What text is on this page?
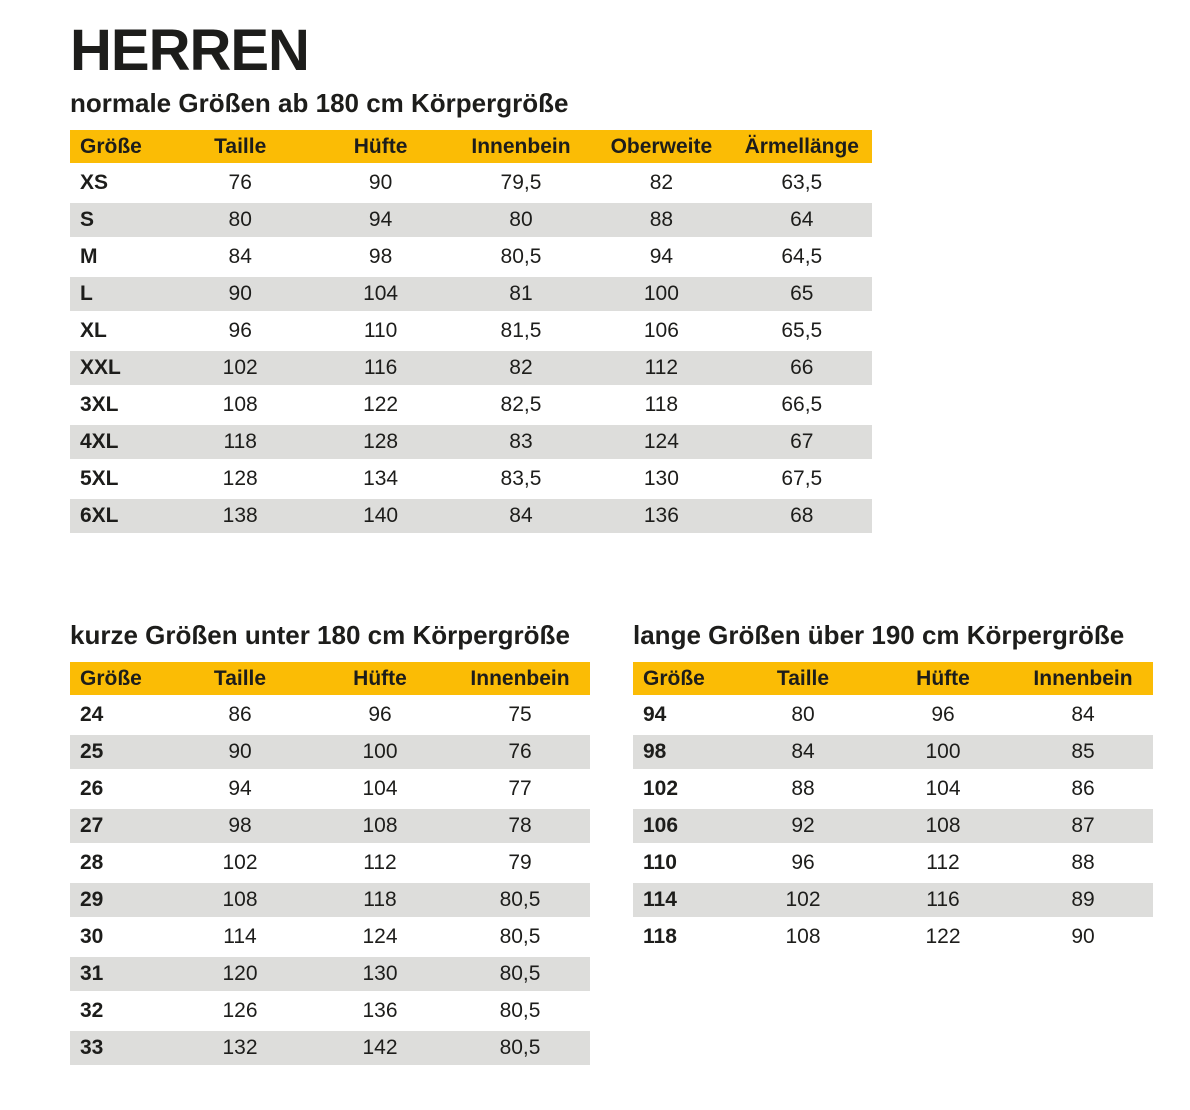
HERREN

normale Größen ab 180 cm Körpergröße

Größe	Taille	Hüfte	Innenbein	Oberweite	Ärmellänge
XS	76	90	79,5	82	63,5
S	80	94	80	88	64
M	84	98	80,5	94	64,5
L	90	104	81	100	65
XL	96	110	81,5	106	65,5
XXL	102	116	82	112	66
3XL	108	122	82,5	118	66,5
4XL	118	128	83	124	67
5XL	128	134	83,5	130	67,5
6XL	138	140	84	136	68

kurze Größen unter 180 cm Körpergröße

Größe	Taille	Hüfte	Innenbein
24	86	96	75
25	90	100	76
26	94	104	77
27	98	108	78
28	102	112	79
29	108	118	80,5
30	114	124	80,5
31	120	130	80,5
32	126	136	80,5
33	132	142	80,5

lange Größen über 190 cm Körpergröße

Größe	Taille	Hüfte	Innenbein
94	80	96	84
98	84	100	85
102	88	104	86
106	92	108	87
110	96	112	88
114	102	116	89
118	108	122	90
